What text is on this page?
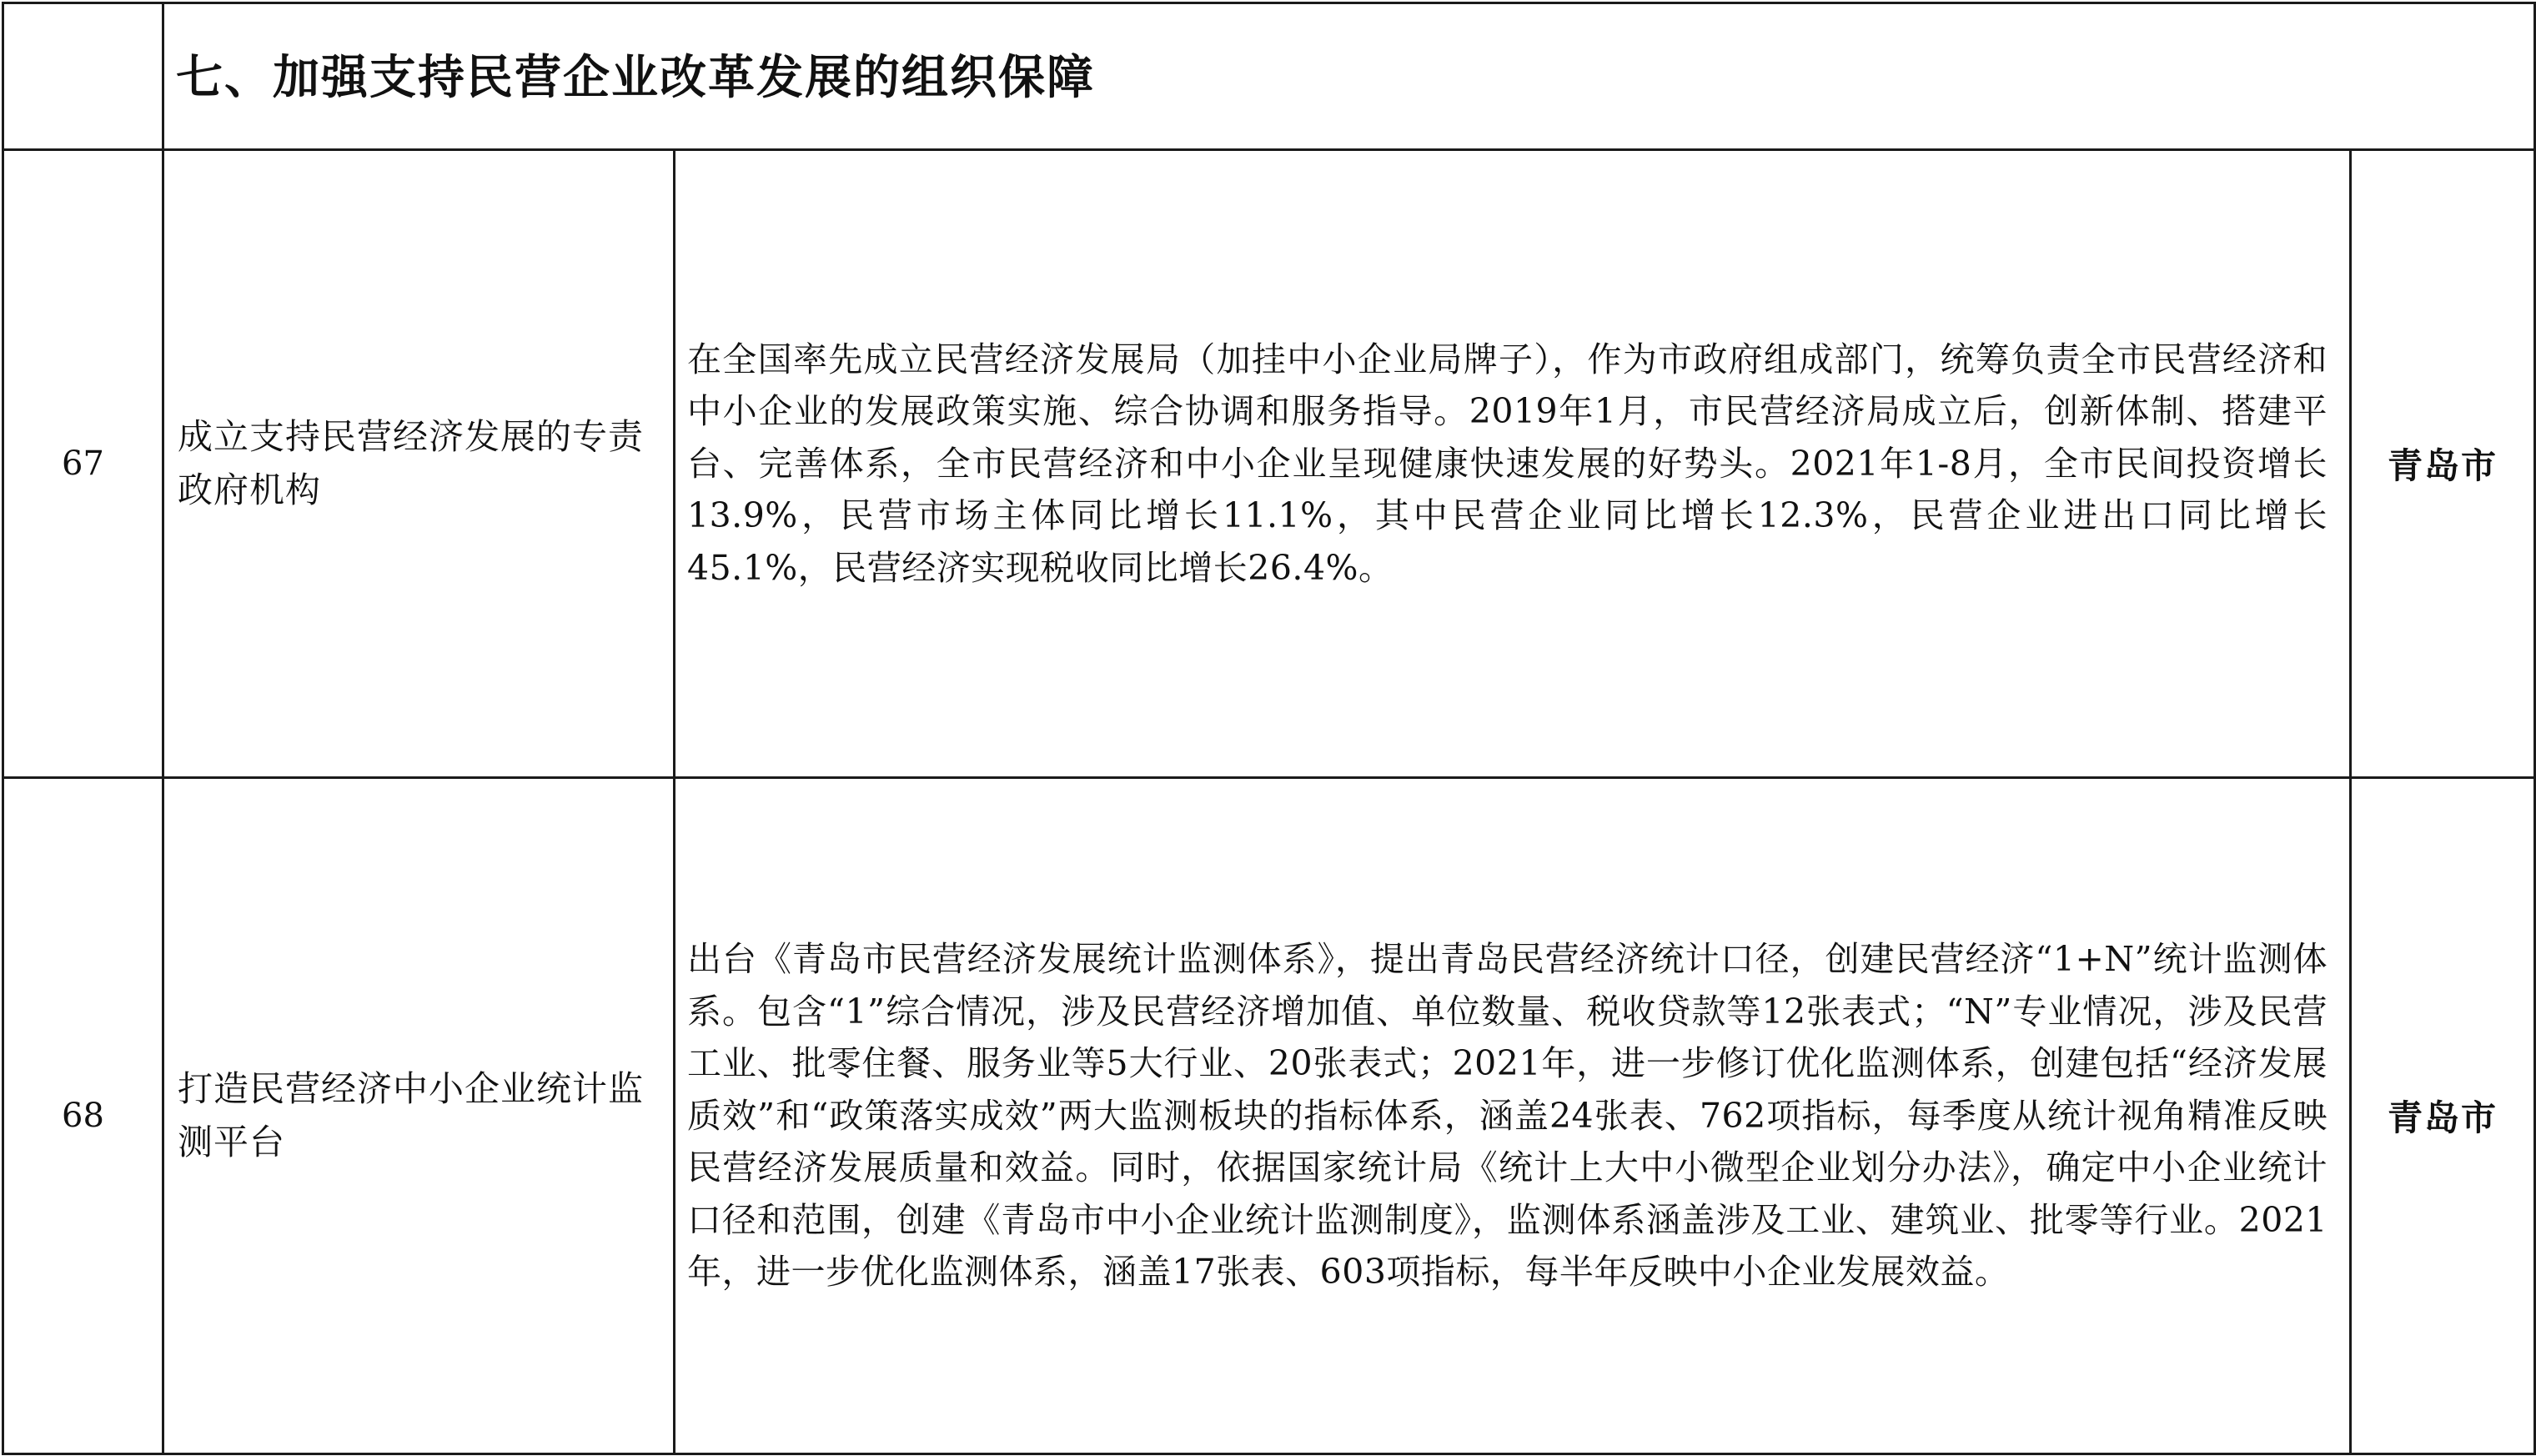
	七、加强支持民营企业改革发展的组织保障		
67	成立支持民营经济发展的专责政府机构	在全国率先成立民营经济发展局（加挂中小企业局牌子），作为市政府组成部门，统筹负责全市民营经济和中小企业的发展政策实施、综合协调和服务指导。2019年1月，市民营经济局成立后，创新体制、搭建平台、完善体系，全市民营经济和中小企业呈现健康快速发展的好势头。2021年1-8月，全市民间投资增长13.9%，民营市场主体同比增长11.1%，其中民营企业同比增长12.3%，民营企业进出口同比增长45.1%，民营经济实现税收同比增长26.4%。	青岛市
68	打造民营经济中小企业统计监测平台	出台《青岛市民营经济发展统计监测体系》，提出青岛民营经济统计口径，创建民营经济“1+N”统计监测体系。包含“1”综合情况，涉及民营经济增加值、单位数量、税收贷款等12张表式；“N”专业情况，涉及民营工业、批零住餐、服务业等5大行业、20张表式；2021年，进一步修订优化监测体系，创建包括“经济发展质效”和“政策落实成效”两大监测板块的指标体系，涵盖24张表、762项指标，每季度从统计视角精准反映民营经济发展质量和效益。同时，依据国家统计局《统计上大中小微型企业划分办法》，确定中小企业统计口径和范围，创建《青岛市中小企业统计监测制度》，监测体系涵盖涉及工业、建筑业、批零等行业。2021年，进一步优化监测体系，涵盖17张表、603项指标，每半年反映中小企业发展效益。	青岛市
